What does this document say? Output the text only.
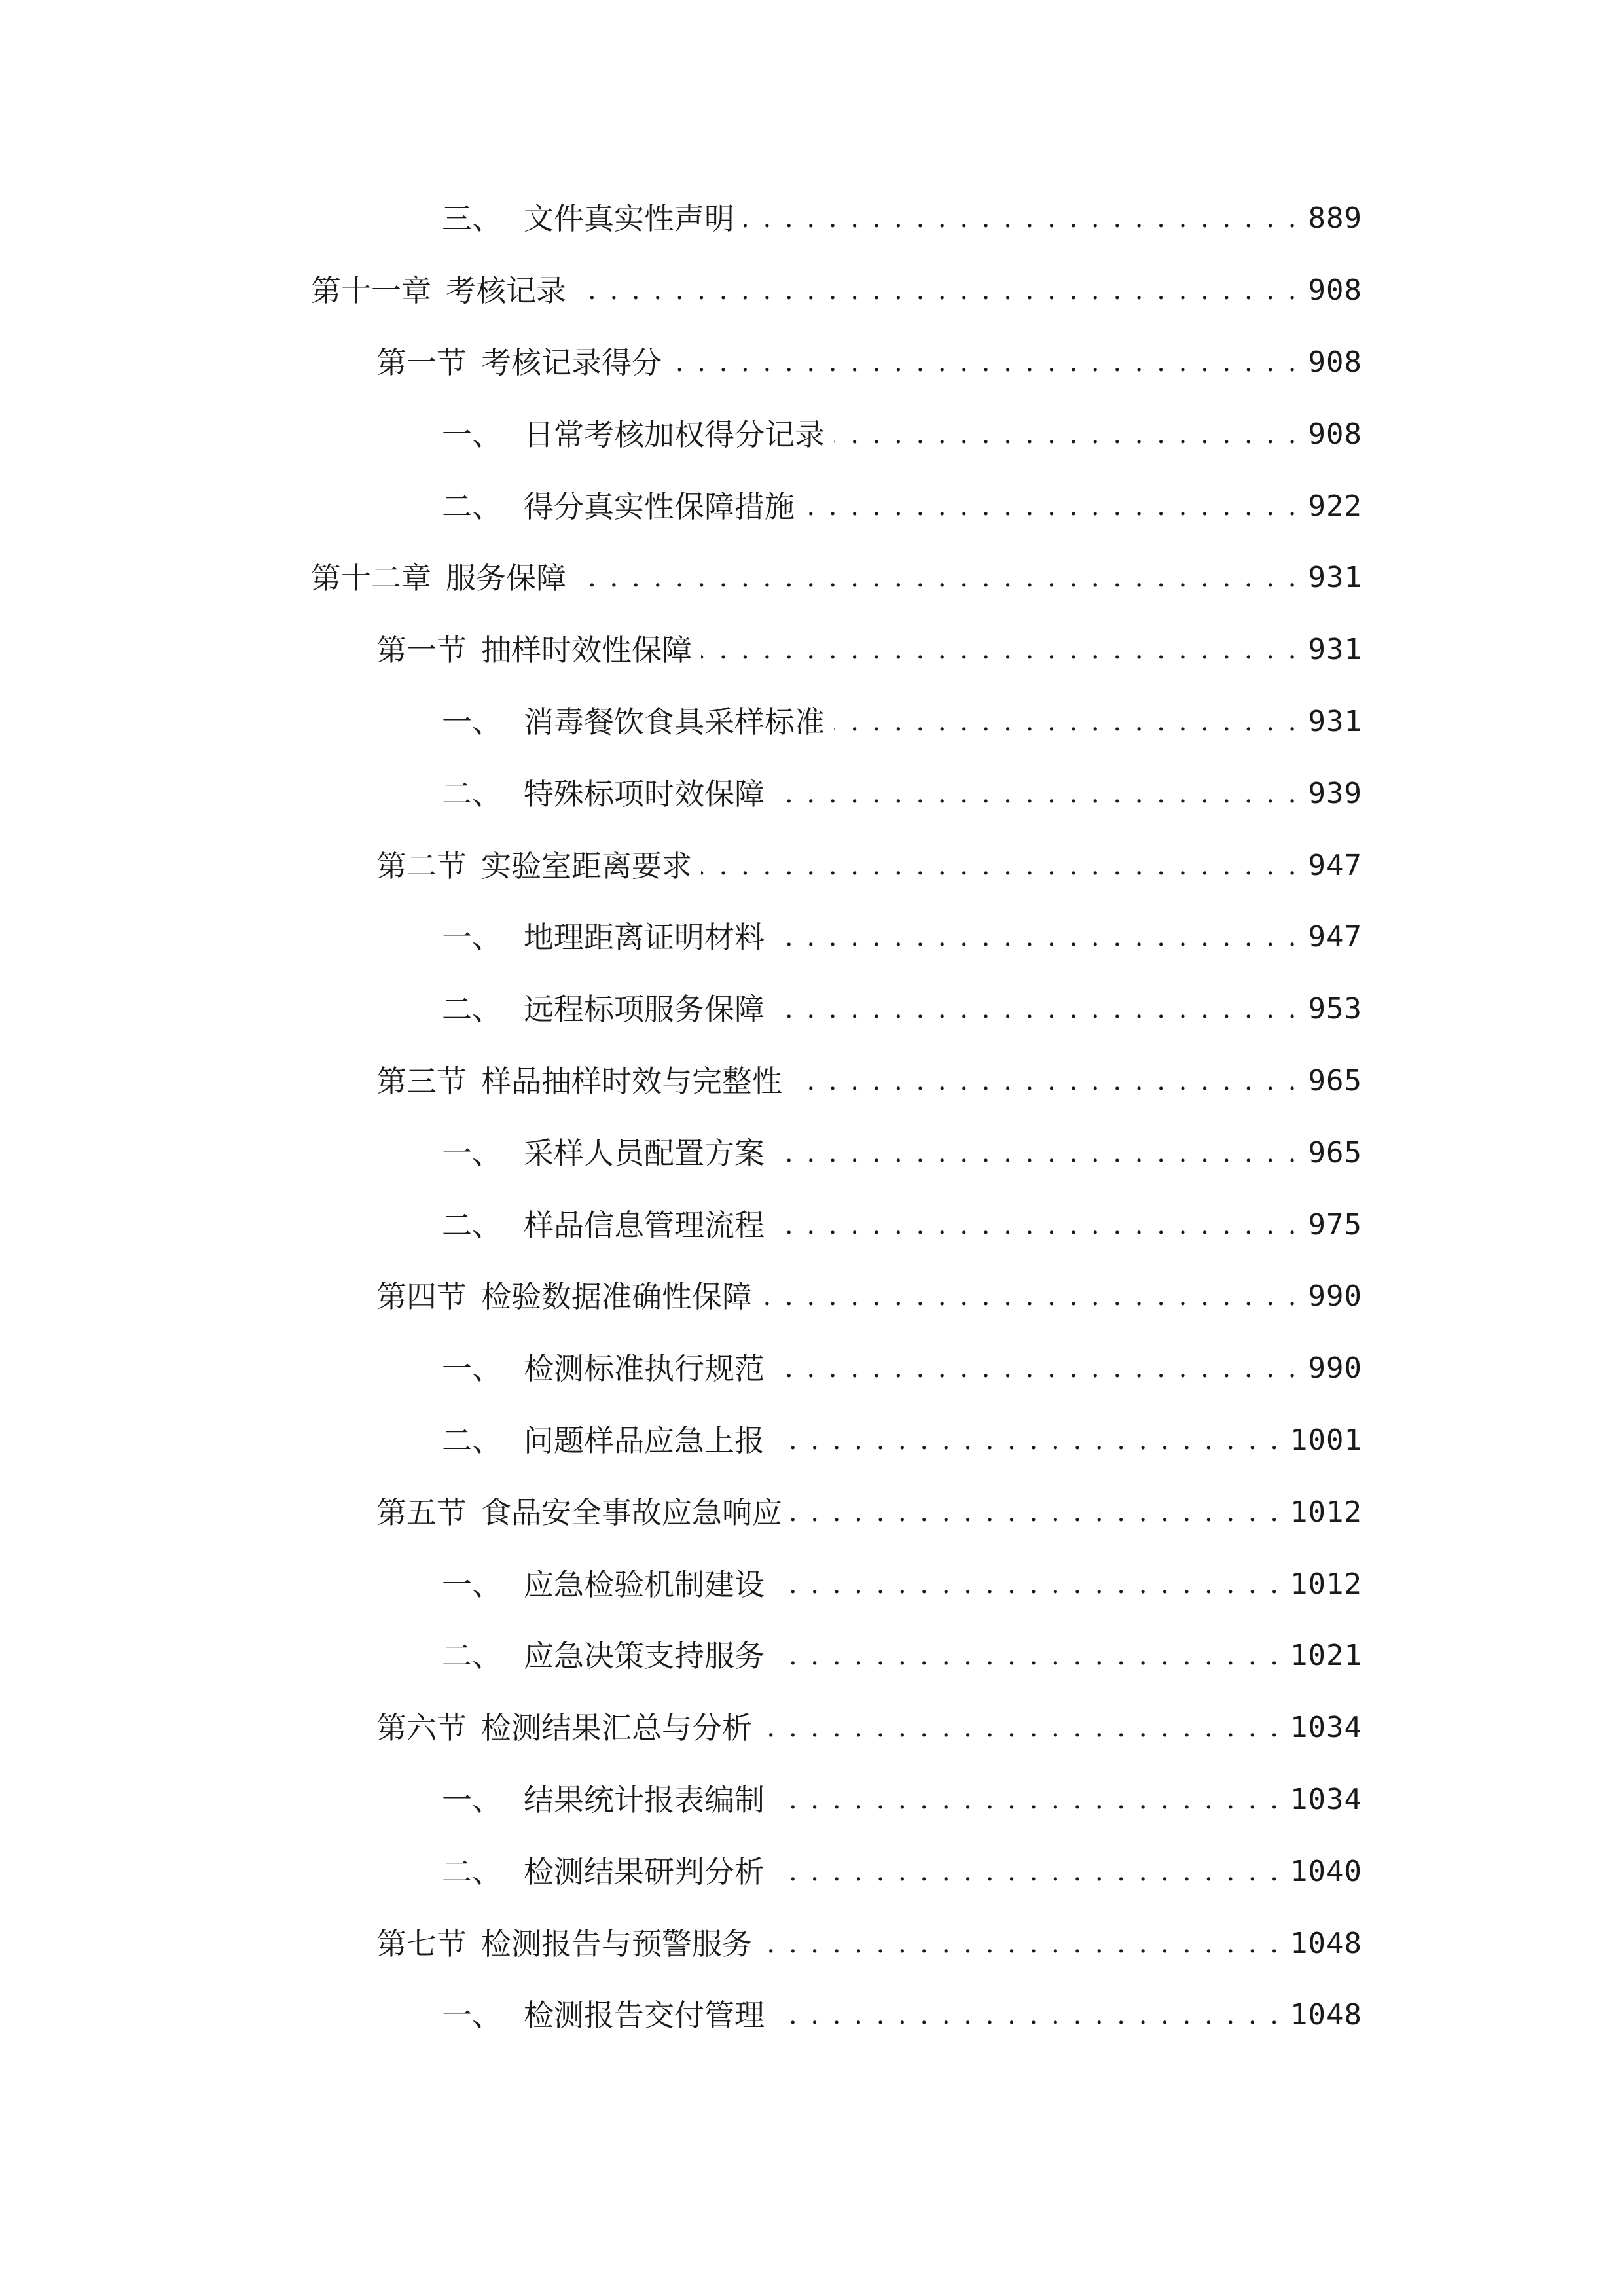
三、 文件真实性声明 . . .	889
第十一章 考核记录 . . .	908
第一节 考核记录得分 . . .	908
一、 日常考核加权得分记录 . . .	908
二、 得分真实性保障措施 . . .	922
第十二章 服务保障 . . .	931
第一节 抽样时效性保障 . . .	931
一、 消毒餐饮食具采样标准 . . .	931
二、 特殊标项时效保障 . . .	939
第二节 实验室距离要求 . . .	947
一、 地理距离证明材料 . . .	947
二、 远程标项服务保障 . . .	953
第三节 样品抽样时效与完整性 . . .	965
一、 采样人员配置方案 . . .	965
二、 样品信息管理流程 . . .	975
第四节 检验数据准确性保障 . . .	990
一、 检测标准执行规范 . . .	990
二、 问题样品应急上报 . . .	1001
第五节 食品安全事故应急响应 . . .	1012
一、 应急检验机制建设 . . .	1012
二、 应急决策支持服务 . . .	1021
第六节 检测结果汇总与分析 . . .	1034
一、 结果统计报表编制 . . .	1034
二、 检测结果研判分析 . . .	1040
第七节 检测报告与预警服务 . . .	1048
一、 检测报告交付管理 . . .	1048
